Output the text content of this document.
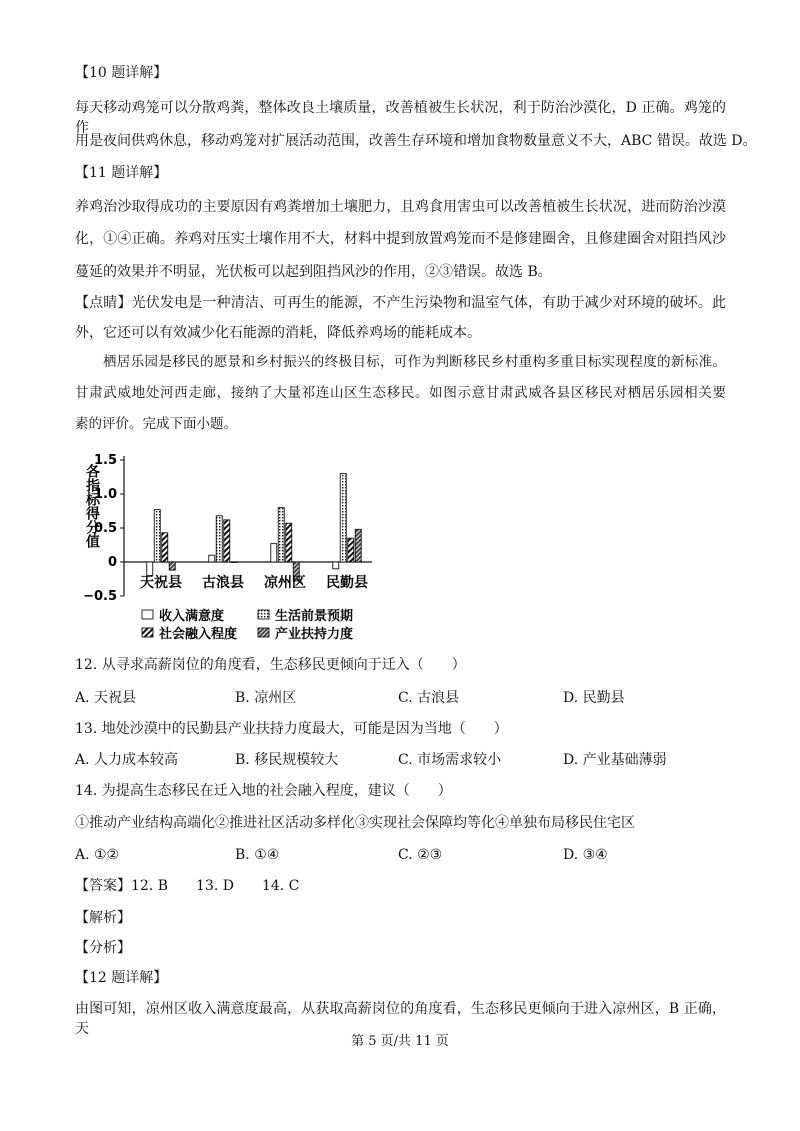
【10 题详解】
每天移动鸡笼可以分散鸡粪，整体改良土壤质量，改善植被生长状况，利于防治沙漠化，D 正确。鸡笼的作
用是夜间供鸡休息，移动鸡笼对扩展活动范围，改善生存环境和增加食物数量意义不大，ABC 错误。故选 D。
【11 题详解】
养鸡治沙取得成功的主要原因有鸡粪增加土壤肥力，且鸡食用害虫可以改善植被生长状况，进而防治沙漠
化，①④正确。养鸡对压实土壤作用不大，材料中提到放置鸡笼而不是修建圈舍，且修建圈舍对阻挡风沙
蔓延的效果并不明显，光伏板可以起到阻挡风沙的作用，②③错误。故选 B。
【点睛】光伏发电是一种清洁、可再生的能源，不产生污染物和温室气体，有助于减少对环境的破坏。此
外，它还可以有效减少化石能源的消耗，降低养鸡场的能耗成本。
栖居乐园是移民的愿景和乡村振兴的终极目标，可作为判断移民乡村重构多重目标实现程度的新标准。
甘肃武威地处河西走廊，接纳了大量祁连山区生态移民。如图示意甘肃武威各县区移民对栖居乐园相关要
素的评价。完成下面小题。
1.5
1.0
0.5
0
−0.5
各指标得分值
天祝县 古浪县 凉州区 民勤县
收入满意度	生活前景预期
社会融入程度	产业扶持力度
12. 从寻求高薪岗位的角度看，生态移民更倾向于迁入（　　）
A. 天祝县	B. 凉州区	C. 古浪县	D. 民勤县
13. 地处沙漠中的民勤县产业扶持力度最大，可能是因为当地（　　）
A. 人力成本较高	B. 移民规模较大	C. 市场需求较小	D. 产业基础薄弱
14. 为提高生态移民在迁入地的社会融入程度，建议（　　）
①推动产业结构高端化②推进社区活动多样化③实现社会保障均等化④单独布局移民住宅区
A. ①②	B. ①④	C. ②③	D. ③④
【答案】12. B　　13. D　　14. C
【解析】
【分析】
【12 题详解】
由图可知，凉州区收入满意度最高，从获取高薪岗位的角度看，生态移民更倾向于进入凉州区，B 正确，天
第 5 页/共 11 页
